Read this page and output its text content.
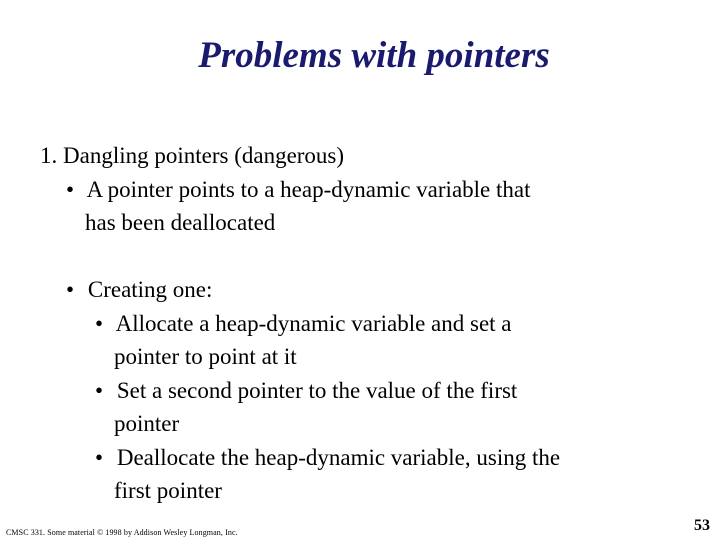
Problems with pointers
1. Dangling pointers (dangerous)
• A pointer points to a heap-dynamic variable that
has been deallocated
• Creating one:
• Allocate a heap-dynamic variable and set a
pointer to point at it
• Set a second pointer to the value of the first
pointer
• Deallocate the heap-dynamic variable, using the
first pointer
CMSC 331. Some material © 1998 by Addison Wesley Longman, Inc.	53
